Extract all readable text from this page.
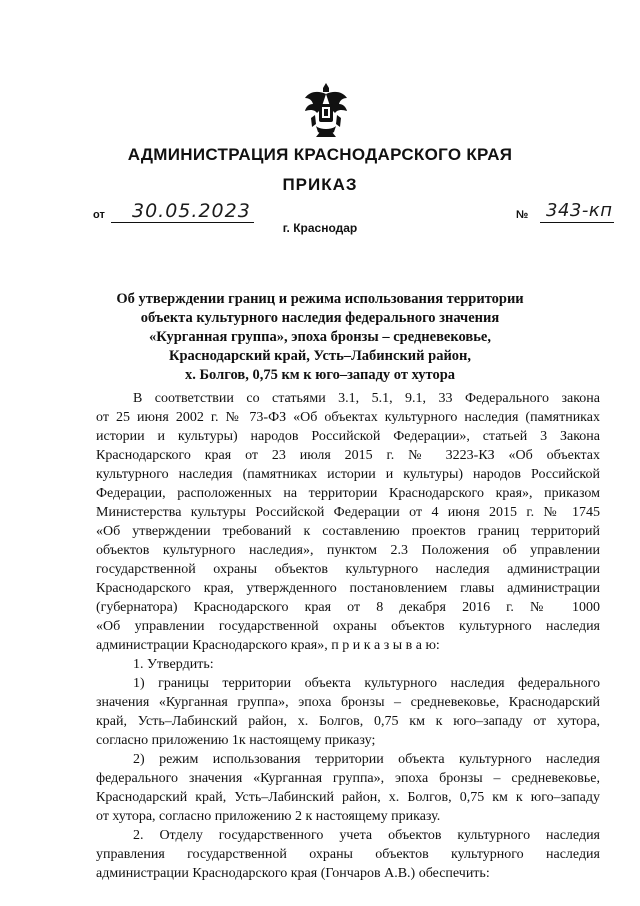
АДМИНИСТРАЦИЯ КРАСНОДАРСКОГО КРАЯ
ПРИКАЗ
от 30.05.2023	№ 343-кп
г. Краснодар
Об утверждении границ и режима использования территории
объекта культурного наследия федерального значения
«Курганная группа», эпоха бронзы – средневековье,
Краснодарский край, Усть–Лабинский район,
х. Болгов, 0,75 км к юго–западу от хутора
В соответствии со статьями 3.1, 5.1, 9.1, 33 Федерального закона
от 25 июня 2002 г. № 73-ФЗ «Об объектах культурного наследия (памятниках
истории и культуры) народов Российской Федерации», статьей 3 Закона
Краснодарского края от 23 июля 2015 г. № 3223-КЗ «Об объектах
культурного наследия (памятниках истории и культуры) народов Российской
Федерации, расположенных на территории Краснодарского края», приказом
Министерства культуры Российской Федерации от 4 июня 2015 г. № 1745
«Об утверждении требований к составлению проектов границ территорий
объектов культурного наследия», пунктом 2.3 Положения об управлении
государственной охраны объектов культурного наследия администрации
Краснодарского края, утвержденного постановлением главы администрации
(губернатора) Краснодарского края от 8 декабря 2016 г. № 1000
«Об управлении государственной охраны объектов культурного наследия
администрации Краснодарского края», п р и к а з ы в а ю:
1. Утвердить:
1) границы территории объекта культурного наследия федерального
значения «Курганная группа», эпоха бронзы – средневековье, Краснодарский
край, Усть–Лабинский район, х. Болгов, 0,75 км к юго–западу от хутора,
согласно приложению 1к настоящему приказу;
2) режим использования территории объекта культурного наследия
федерального значения «Курганная группа», эпоха бронзы – средневековье,
Краснодарский край, Усть–Лабинский район, х. Болгов, 0,75 км к юго–западу
от хутора, согласно приложению 2 к настоящему приказу.
2. Отделу государственного учета объектов культурного наследия
управления государственной охраны объектов культурного наследия
администрации Краснодарского края (Гончаров А.В.) обеспечить:
